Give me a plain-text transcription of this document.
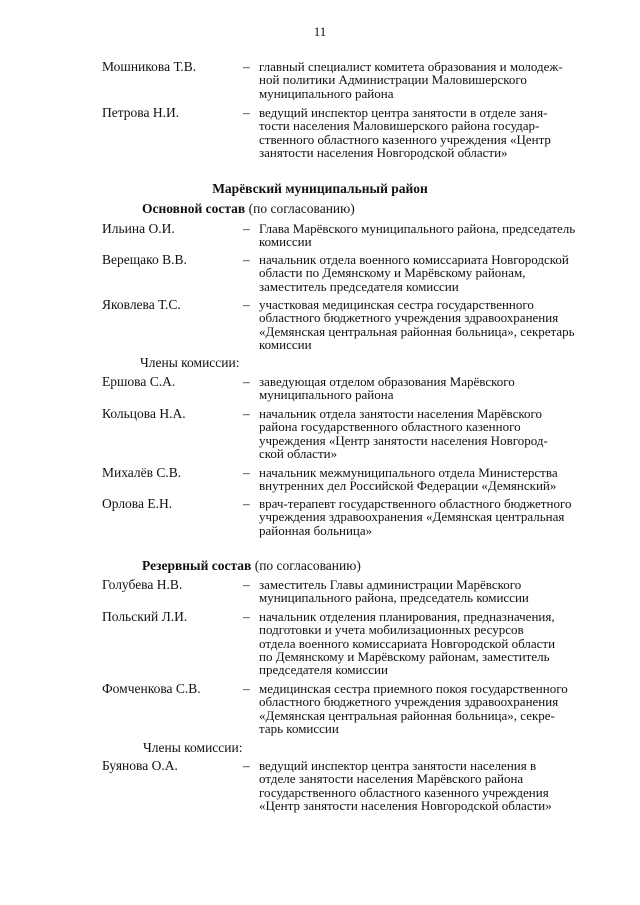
11
Мошникова Т.В.	– главный специалист комитета образования и молодеж-
ной политики Администрации Маловишерского
муниципального района
Петрова Н.И.	– ведущий инспектор центра занятости в отделе заня-
тости населения Маловишерского района государ-
ственного областного казенного учреждения «Центр
занятости населения Новгородской области»
Марёвский муниципальный район
Основной состав (по согласованию)
Ильина О.И.	– Глава Марёвского муниципального района, председатель
комиссии
Верещако В.В.	– начальник отдела военного комиссариата Новгородской
области по Демянскому и Марёвскому районам,
заместитель председателя комиссии
Яковлева Т.С.	– участковая медицинская сестра государственного
областного бюджетного учреждения здравоохранения
«Демянская центральная районная больница», секретарь
комиссии
Члены комиссии:
Ершова С.А.	– заведующая отделом образования Марёвского
муниципального района
Кольцова Н.А.	– начальник отдела занятости населения Марёвского
района государственного областного казенного
учреждения «Центр занятости населения Новгород-
ской области»
Михалёв С.В.	– начальник межмуниципального отдела Министерства
внутренних дел Российской Федерации «Демянский»
Орлова Е.Н.	– врач-терапевт государственного областного бюджетного
учреждения здравоохранения «Демянская центральная
районная больница»
Резервный состав (по согласованию)
Голубева Н.В.	– заместитель Главы администрации Марёвского
муниципального района, председатель комиссии
Польский Л.И.	– начальник отделения планирования, предназначения,
подготовки и учета мобилизационных ресурсов
отдела военного комиссариата Новгородской области
по Демянскому и Марёвскому районам, заместитель
председателя комиссии
Фомченкова С.В.	– медицинская сестра приемного покоя государственного
областного бюджетного учреждения здравоохранения
«Демянская центральная районная больница», секре-
тарь комиссии
Члены комиссии:
Буянова О.А.	– ведущий инспектор центра занятости населения в
отделе занятости населения Марёвского района
государственного областного казенного учреждения
«Центр занятости населения Новгородской области»
